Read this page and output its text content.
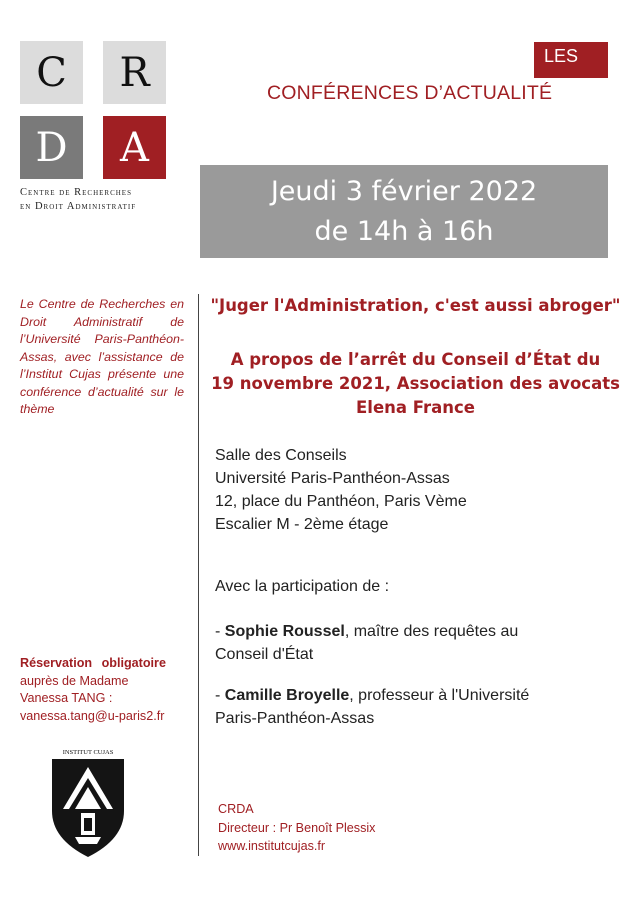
C	R
D	A
Centre de Recherches
en Droit Administratif
LES
CONFÉRENCES D’ACTUALITÉ
Jeudi 3 février 2022
de 14h à 16h
Le Centre de Recherches en Droit Administratif de l’Université Paris-Panthéon-Assas, avec l’assistance de l’Institut Cujas présente une conférence d’actualité sur le thème
"Juger l'Administration, c'est aussi abroger"
A propos de l’arrêt du Conseil d’État du
19 novembre 2021, Association des avocats
Elena France
Salle des Conseils
Université Paris-Panthéon-Assas
12, place du Panthéon, Paris Vème
Escalier M - 2ème étage
Avec la participation de :
- Sophie Roussel, maître des requêtes au
Conseil d'État
- Camille Broyelle, professeur à l'Université
Paris-Panthéon-Assas
Réservation obligatoire
auprès de Madame
Vanessa TANG :
vanessa.tang@u-paris2.fr
INSTITUT CUJAS
CRDA
Directeur : Pr Benoît Plessix
www.institutcujas.fr
